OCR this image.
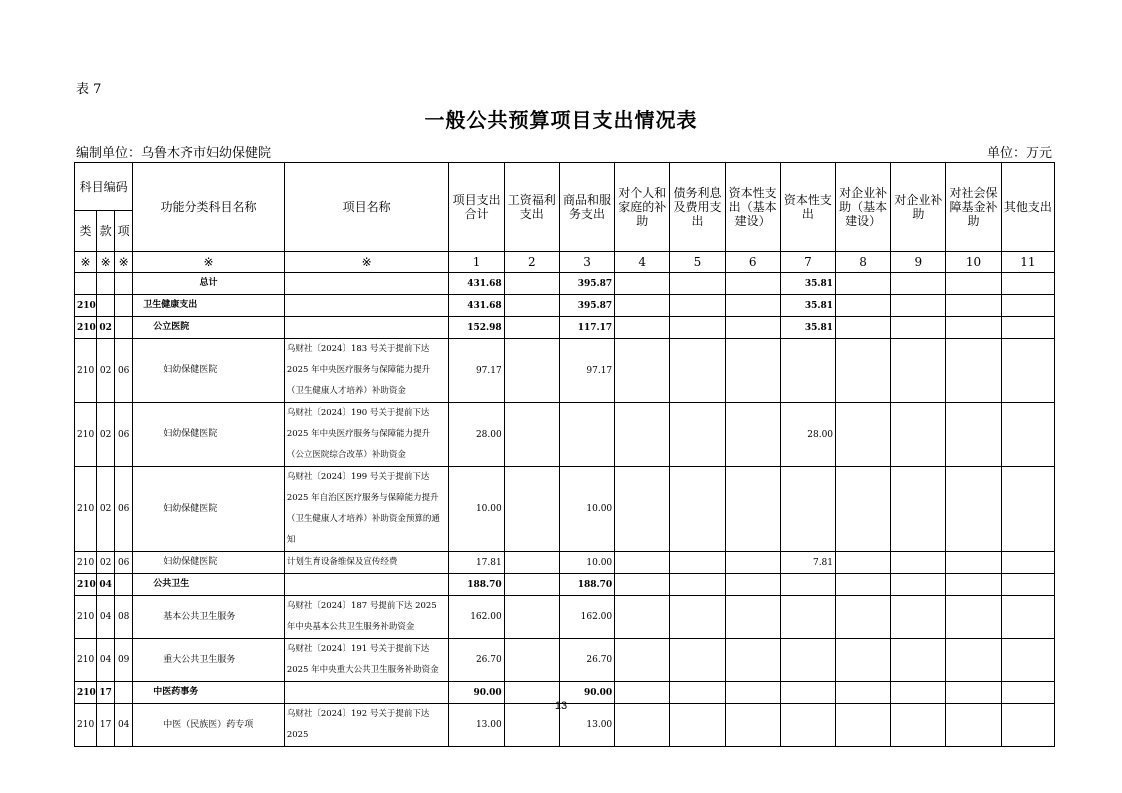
表 7
一般公共预算项目支出情况表
编制单位：乌鲁木齐市妇幼保健院	单位：万元
科目编码			功能分类科目名称	项目名称	项目支出合计	工资福利支出	商品和服务支出	对个人和家庭的补助	债务利息及费用支出	资本性支出（基本建设）	资本性支出	对企业补助（基本建设）	对企业补助	对社会保障基金补助	其他支出
类	款	项													
※	※	※	※	※	1	2	3	4	5	6	7	8	9	10	11
			总计		431.68		395.87				35.81				
210			卫生健康支出		431.68		395.87				35.81				
210	02		公立医院		152.98		117.17				35.81				
210	02	06	妇幼保健医院	乌财社〔2024〕183 号关于提前下达 2025 年中央医疗服务与保障能力提升（卫生健康人才培养）补助资金	97.17		97.17								
210	02	06	妇幼保健医院	乌财社〔2024〕190 号关于提前下达 2025 年中央医疗服务与保障能力提升（公立医院综合改革）补助资金	28.00						28.00				
210	02	06	妇幼保健医院	乌财社〔2024〕199 号关于提前下达 2025 年自治区医疗服务与保障能力提升（卫生健康人才培养）补助资金预算的通知	10.00		10.00								
210	02	06	妇幼保健医院	计划生育设备维保及宣传经费	17.81		10.00				7.81				
210	04		公共卫生		188.70		188.70								
210	04	08	基本公共卫生服务	乌财社〔2024〕187 号提前下达 2025 年中央基本公共卫生服务补助资金	162.00		162.00								
210	04	09	重大公共卫生服务	乌财社〔2024〕191 号关于提前下达 2025 年中央重大公共卫生服务补助资金	26.70		26.70								
210	17		中医药事务		90.00		90.00								
210	17	04	中医（民族医）药专项	乌财社〔2024〕192 号关于提前下达 2025	13.00		13.00								
13
